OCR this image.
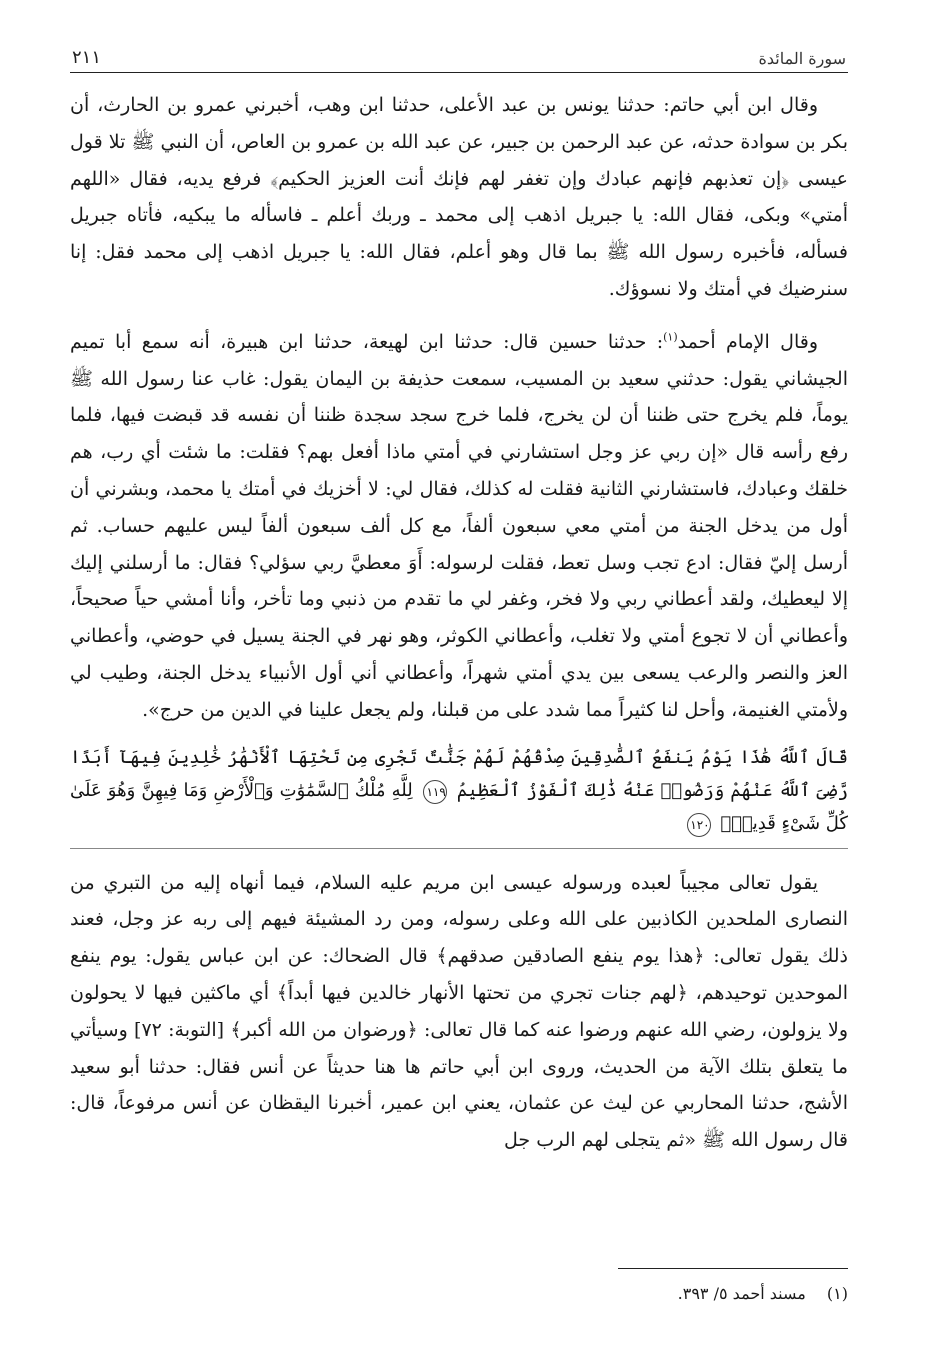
سورة المائدة
٢١١

وقال ابن أبي حاتم: حدثنا يونس بن عبد الأعلى، حدثنا ابن وهب، أخبرني عمرو بن الحارث، أن بكر بن سوادة حدثه، عن عبد الرحمن بن جبير، عن عبد الله بن عمرو بن العاص، أن النبي ﷺ تلا قول عيسى ﴿إن تعذبهم فإنهم عبادك وإن تغفر لهم فإنك أنت العزيز الحكيم﴾ فرفع يديه، فقال «اللهم أمتي» وبكى، فقال الله: يا جبريل اذهب إلى محمد ـ وربك أعلم ـ فاسأله ما يبكيه، فأتاه جبريل فسأله، فأخبره رسول الله ﷺ بما قال وهو أعلم، فقال الله: يا جبريل اذهب إلى محمد فقل: إنا سنرضيك في أمتك ولا نسوؤك.

وقال الإمام أحمد$^{(١)}$: حدثنا حسين قال: حدثنا ابن لهيعة، حدثنا ابن هبيرة، أنه سمع أبا تميم الجيشاني يقول: حدثني سعيد بن المسيب، سمعت حذيفة بن اليمان يقول: غاب عنا رسول الله ﷺ يوماً، فلم يخرج حتى ظننا أن لن يخرج، فلما خرج سجد سجدة ظننا أن نفسه قد قبضت فيها، فلما رفع رأسه قال «إن ربي عز وجل استشارني في أمتي ماذا أفعل بهم؟ فقلت: ما شئت أي رب، هم خلقك وعبادك، فاستشارني الثانية فقلت له كذلك، فقال لي: لا أخزيك في أمتك يا محمد، وبشرني أن أول من يدخل الجنة من أمتي معي سبعون ألفاً، مع كل ألف سبعون ألفاً ليس عليهم حساب. ثم أرسل إليّ فقال: ادع تجب وسل تعط، فقلت لرسوله: أَوَ معطيَّ ربي سؤلي؟ فقال: ما أرسلني إليك إلا ليعطيك، ولقد أعطاني ربي ولا فخر، وغفر لي ما تقدم من ذنبي وما تأخر، وأنا أمشي حياً صحيحاً، وأعطاني أن لا تجوع أمتي ولا تغلب، وأعطاني الكوثر، وهو نهر في الجنة يسيل في حوضي، وأعطاني العز والنصر والرعب يسعى بين يدي أمتي شهراً، وأعطاني أني أول الأنبياء يدخل الجنة، وطيب لي ولأمتي الغنيمة، وأحل لنا كثيراً مما شدد على من قبلنا، ولم يجعل علينا في الدين من حرج».

قَالَ ٱللَّهُ هَٰذَا يَوْمُ يَنفَعُ ٱلصَّٰدِقِينَ صِدْقُهُمْ لَهُمْ جَنَّٰتٌ تَجْرِى مِن تَحْتِهَا ٱلْأَنْهَٰرُ خَٰلِدِينَ فِيهَآ أَبَدًا رَّضِىَ ٱللَّهُ عَنْهُمْ وَرَضُوا۟ عَنْهُ ذَٰلِكَ ٱلْفَوْزُ ٱلْعَظِيمُ ١١٩ لِلَّهِ مُلْكُ ٱلسَّمَٰوَٰتِ وَٱلْأَرْضِ وَمَا فِيهِنَّ وَهُوَ عَلَىٰ كُلِّ شَىْءٍ قَدِيرٌۢ ١٢٠

يقول تعالى مجيباً لعبده ورسوله عيسى ابن مريم عليه السلام، فيما أنهاه إليه من التبري من النصارى الملحدين الكاذبين على الله وعلى رسوله، ومن رد المشيئة فيهم إلى ربه عز وجل، فعند ذلك يقول تعالى: ﴿هذا يوم ينفع الصادقين صدقهم﴾ قال الضحاك: عن ابن عباس يقول: يوم ينفع الموحدين توحيدهم، ﴿لهم جنات تجري من تحتها الأنهار خالدين فيها أبداً﴾ أي ماكثين فيها لا يحولون ولا يزولون، رضي الله عنهم ورضوا عنه كما قال تعالى: ﴿ورضوان من الله أكبر﴾ [التوبة: ٧٢] وسيأتي ما يتعلق بتلك الآية من الحديث، وروى ابن أبي حاتم ها هنا حديثاً عن أنس فقال: حدثنا أبو سعيد الأشج، حدثنا المحاربي عن ليث عن عثمان، يعني ابن عمير، أخبرنا اليقظان عن أنس مرفوعاً، قال: قال رسول الله ﷺ «ثم يتجلى لهم الرب جل

(١) مسند أحمد ٥/ ٣٩٣.
